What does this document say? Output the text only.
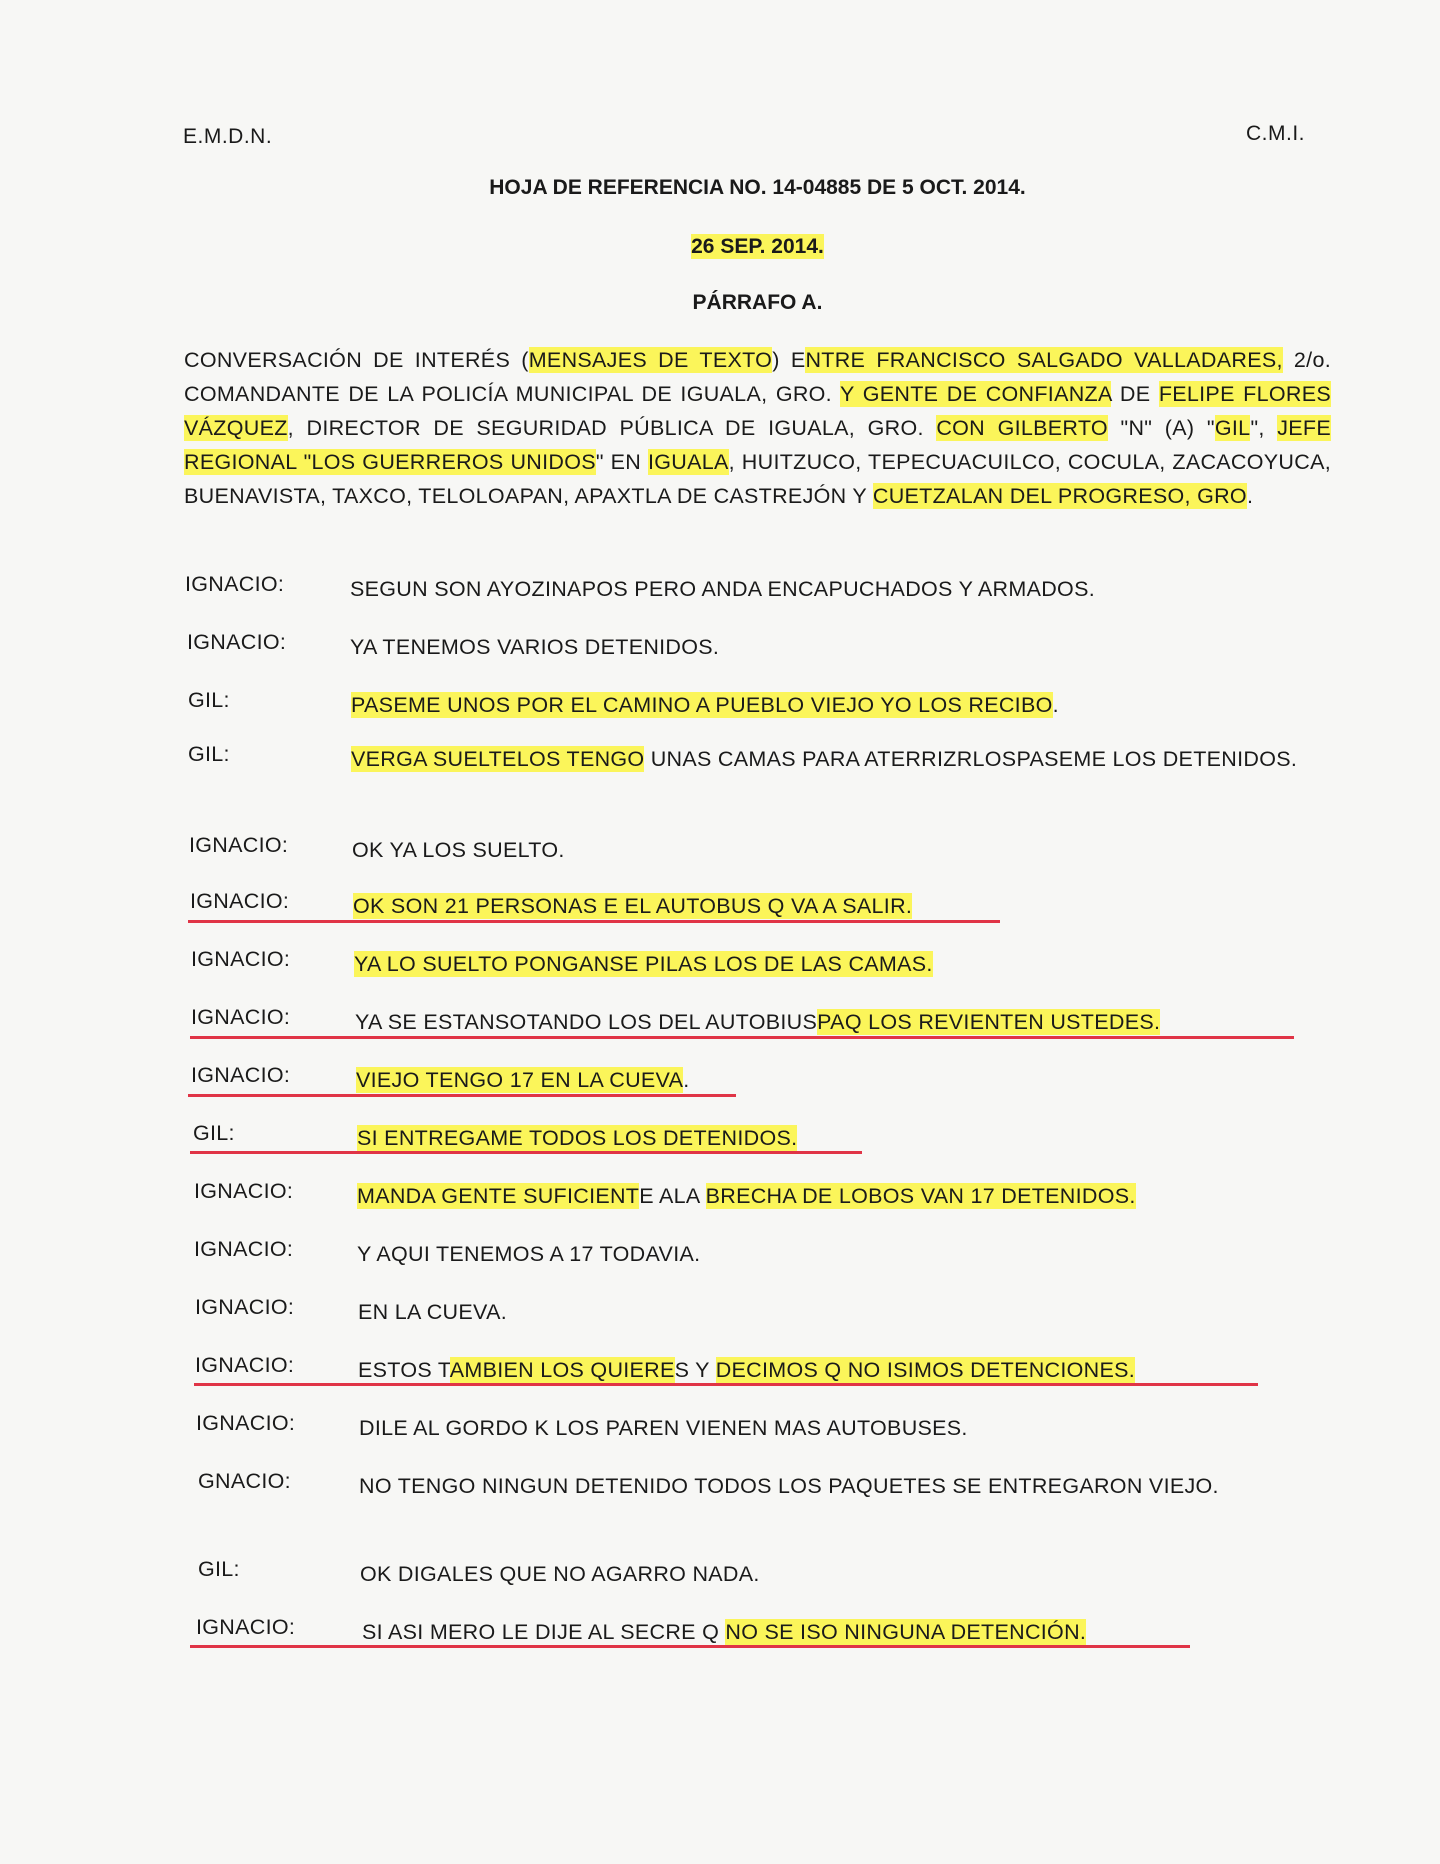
E.M.D.N.	C.M.I.
HOJA DE REFERENCIA NO. 14-04885 DE 5 OCT. 2014.
26 SEP. 2014.
PÁRRAFO A.
CONVERSACIÓN DE INTERÉS (MENSAJES DE TEXTO) ENTRE FRANCISCO SALGADO VALLADARES, 2/o. COMANDANTE DE LA POLICÍA MUNICIPAL DE IGUALA, GRO. Y GENTE DE CONFIANZA DE FELIPE FLORES VÁZQUEZ, DIRECTOR DE SEGURIDAD PÚBLICA DE IGUALA, GRO. CON GILBERTO "N" (A) "GIL", JEFE REGIONAL "LOS GUERREROS UNIDOS" EN IGUALA, HUITZUCO, TEPECUACUILCO, COCULA, ZACACOYUCA, BUENAVISTA, TAXCO, TELOLOAPAN, APAXTLA DE CASTREJÓN Y CUETZALAN DEL PROGRESO, GRO.
IGNACIO:	SEGUN SON AYOZINAPOS PERO ANDA ENCAPUCHADOS Y ARMADOS.
IGNACIO:	YA TENEMOS VARIOS DETENIDOS.
GIL:	PASEME UNOS POR EL CAMINO A PUEBLO VIEJO YO LOS RECIBO.
GIL:	VERGA SUELTELOS TENGO UNAS CAMAS PARA ATERRIZRLOSPASEME LOS DETENIDOS.
IGNACIO:	OK YA LOS SUELTO.
IGNACIO:	OK SON 21 PERSONAS E EL AUTOBUS Q VA A SALIR.
IGNACIO:	YA LO SUELTO PONGANSE PILAS LOS DE LAS CAMAS.
IGNACIO:	YA SE ESTANSOTANDO LOS DEL AUTOBIUSPAQ LOS REVIENTEN USTEDES.
IGNACIO:	VIEJO TENGO 17 EN LA CUEVA.
GIL:	SI ENTREGAME TODOS LOS DETENIDOS.
IGNACIO:	MANDA GENTE SUFICIENTE ALA BRECHA DE LOBOS VAN 17 DETENIDOS.
IGNACIO:	Y AQUI TENEMOS A 17 TODAVIA.
IGNACIO:	EN LA CUEVA.
IGNACIO:	ESTOS TAMBIEN LOS QUIERES Y DECIMOS Q NO ISIMOS DETENCIONES.
IGNACIO:	DILE AL GORDO K LOS PAREN VIENEN MAS AUTOBUSES.
GNACIO:	NO TENGO NINGUN DETENIDO TODOS LOS PAQUETES SE ENTREGARON VIEJO.
GIL:	OK DIGALES QUE NO AGARRO NADA.
IGNACIO:	SI ASI MERO LE DIJE AL SECRE Q NO SE ISO NINGUNA DETENCIÓN.
